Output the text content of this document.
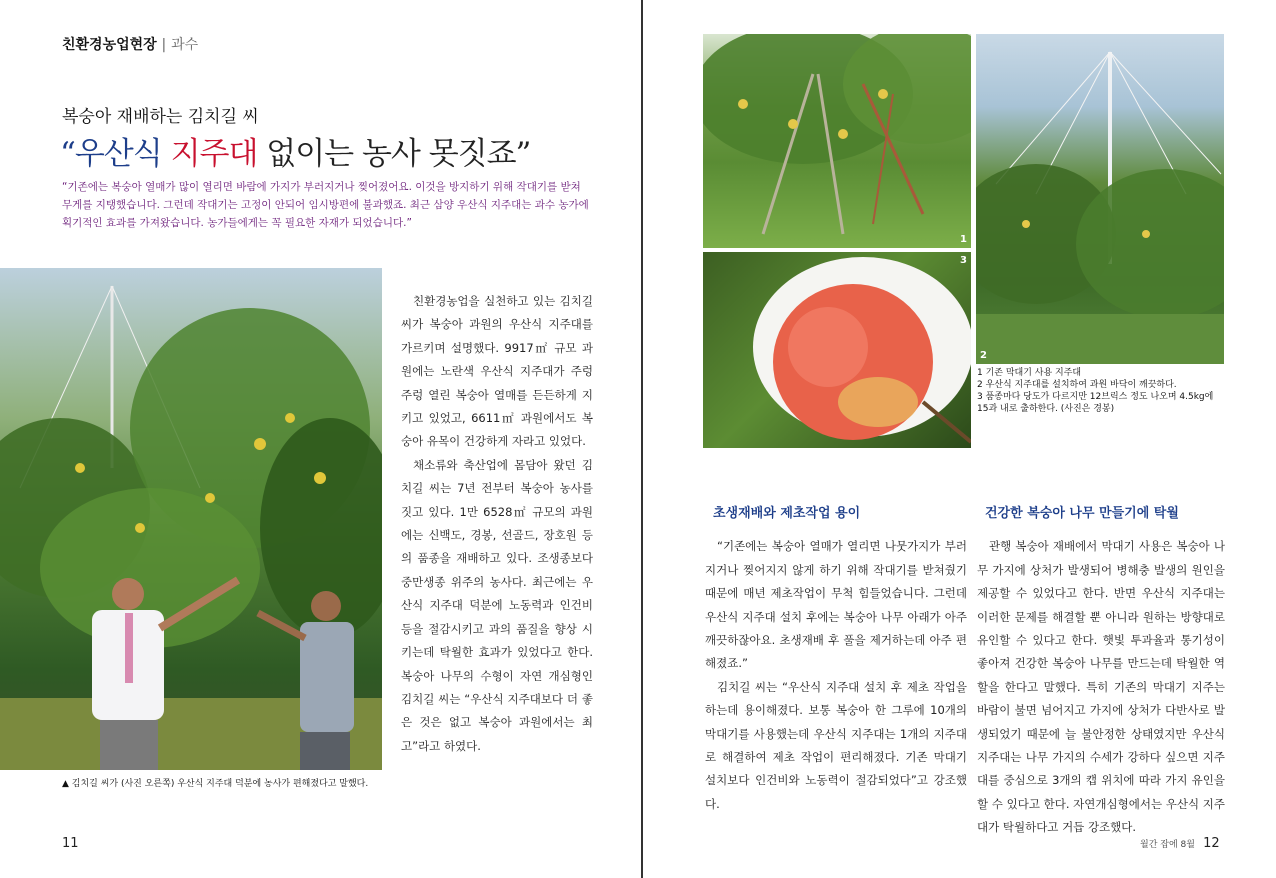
친환경농업현장 | 과수
복숭아 재배하는 김치길 씨
“우산식 지주대 없이는 농사 못짓죠”
“기존에는 복숭아 열매가 많이 열리면 바람에 가지가 부러지거나 찢어졌어요. 이것을 방지하기 위해 작대기를 받쳐 무게를 지탱했습니다. 그런데 작대기는 고정이 안되어 임시방편에 불과했죠. 최근 삼양 우산식 지주대는 과수 농가에 획기적인 효과를 가져왔습니다. 농가들에게는 꼭 필요한 자재가 되었습니다.”
▲ 김치길 씨가 (사진 오른쪽) 우산식 지주대 덕분에 농사가 편해졌다고 말했다.

친환경농업을 실천하고 있는 김치길 씨가 복숭아 과원의 우산식 지주대를 가르키며 설명했다. 9917㎡ 규모 과원에는 노란색 우산식 지주대가 주렁주렁 열린 복숭아 열매를 든든하게 지키고 있었고, 6611㎡ 과원에서도 복숭아 유목이 건강하게 자라고 있었다.

채소류와 축산업에 몸담아 왔던 김치길 씨는 7년 전부터 복숭아 농사를 짓고 있다. 1만 6528㎡ 규모의 과원에는 신백도, 경봉, 선골드, 장호원 등의 품종을 재배하고 있다. 조생종보다 중만생종 위주의 농사다. 최근에는 우산식 지주대 덕분에 노동력과 인건비 등을 절감시키고 과의 품질을 향상 시키는데 탁월한 효과가 있었다고 한다. 복숭아 나무의 수형이 자연 개심형인 김치길 씨는 “우산식 지주대보다 더 좋은 것은 없고 복숭아 과원에서는 최고”라고 하였다.

11
1
2
3
1 기존 막대기 사용 지주대
2 우산식 지주대를 설치하여 과원 바닥이 깨끗하다.
3 품종마다 당도가 다르지만 12브릭스 정도 나오며 4.5kg에 15과 내로 출하한다. (사진은 경봉)
초생재배와 제초작업 용이

“기존에는 복숭아 열매가 열리면 나뭇가지가 부러지거나 찢어지지 않게 하기 위해 작대기를 받쳐줬기 때문에 매년 제초작업이 무척 힘들었습니다. 그런데 우산식 지주대 설치 후에는 복숭아 나무 아래가 아주 깨끗하잖아요. 초생재배 후 풀을 제거하는데 아주 편해졌죠.”

김치길 씨는 “우산식 지주대 설치 후 제초 작업을 하는데 용이해졌다. 보통 복숭아 한 그루에 10개의 막대기를 사용했는데 우산식 지주대는 1개의 지주대로 해결하여 제초 작업이 편리해졌다. 기존 막대기 설치보다 인건비와 노동력이 절감되었다”고 강조했다.

건강한 복숭아 나무 만들기에 탁월

관행 복숭아 재배에서 막대기 사용은 복숭아 나무 가지에 상처가 발생되어 병해충 발생의 원인을 제공할 수 있었다고 한다. 반면 우산식 지주대는 이러한 문제를 해결할 뿐 아니라 원하는 방향대로 유인할 수 있다고 한다. 햇빛 투과율과 통기성이 좋아져 건강한 복숭아 나무를 만드는데 탁월한 역할을 한다고 말했다. 특히 기존의 막대기 지주는 바람이 불면 넘어지고 가지에 상처가 다반사로 발생되었기 때문에 늘 불안정한 상태였지만 우산식 지주대는 나무 가지의 수세가 강하다 싶으면 지주대를 중심으로 3개의 캡 위치에 따라 가지 유인을 할 수 있다고 한다. 자연개심형에서는 우산식 지주대가 탁월하다고 거듭 강조했다.

월간 잡에 8월 12
